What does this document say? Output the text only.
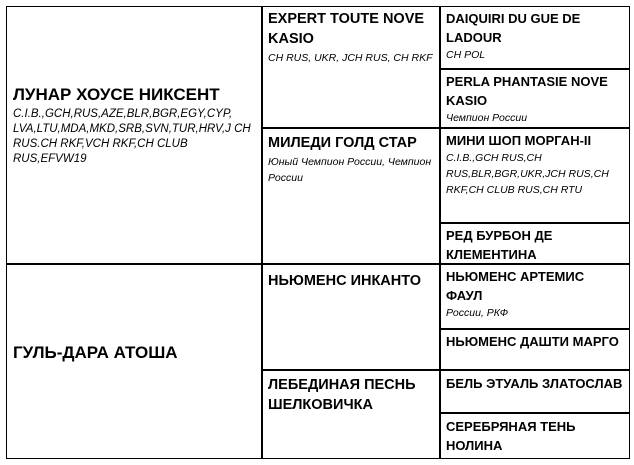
ЛУНАР ХОУСЕ НИКСЕНТ
C.I.B.,GCH,RUS,AZE,BLR,BGR,EGY,CYP, LVA,LTU,MDA,MKD,SRB,SVN,TUR,HRV,J CH RUS.CH RKF,VCH RKF,CH CLUB RUS,EFVW19
ГУЛЬ-ДАРА АТОША
EXPERT TOUTE NOVE KASIO
CH RUS, UKR, JCH RUS, CH RKF
МИЛЕДИ ГОЛД СТАР
Юный Чемпион России, Чемпион России
НЬЮМЕНС ИНКАНТО
ЛЕБЕДИНАЯ ПЕСНЬ ШЕЛКОВИЧКА
DAIQUIRI DU GUE DE LADOUR
CH POL
PERLA PHANTASIE NOVE KASIO
Чемпион России
МИНИ ШОП МОРГАН-II
C.I.B.,GCH RUS,CH RUS,BLR,BGR,UKR,JCH RUS,CH RKF,CH CLUB RUS,CH RTU
РЕД БУРБОН ДЕ КЛЕМЕНТИНА
НЬЮМЕНС АРТЕМИС ФАУЛ
России, РКФ
НЬЮМЕНС ДАШТИ МАРГО
БЕЛЬ ЭТУАЛЬ ЗЛАТОСЛАВ
СЕРЕБРЯНАЯ ТЕНЬ НОЛИНА
